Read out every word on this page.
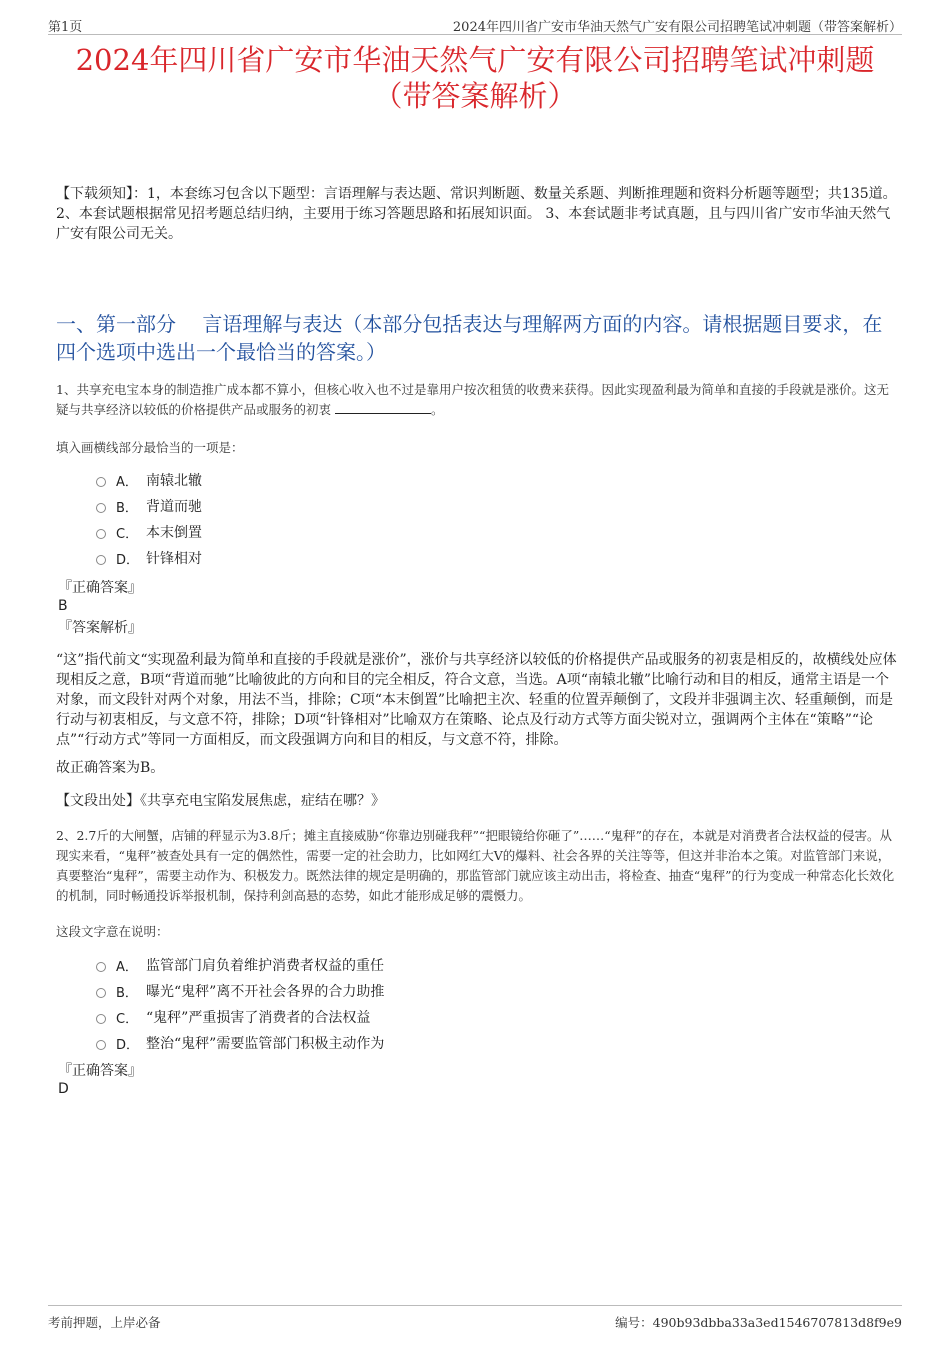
第1页	2024年四川省广安市华油天然气广安有限公司招聘笔试冲刺题（带答案解析）
2024年四川省广安市华油天然气广安有限公司招聘笔试冲刺题
（带答案解析）
【下载须知】：1，本套练习包含以下题型：言语理解与表达题、常识判断题、数量关系题、判断推理题和资料分析题等题型；共135道。 2、本套试题根据常见招考题总结归纳，主要用于练习答题思路和拓展知识面。 3、本套试题非考试真题，且与四川省广安市华油天然气广安有限公司无关。
一、第一部分　 言语理解与表达（本部分包括表达与理解两方面的内容。请根据题目要求，在四个选项中选出一个最恰当的答案。）
1、共享充电宝本身的制造推广成本都不算小，但核心收入也不过是靠用户按次租赁的收费来获得。因此实现盈利最为简单和直接的手段就是涨价。这无疑与共享经济以较低的价格提供产品或服务的初衷	。
填入画横线部分最恰当的一项是：
A． 南辕北辙
B． 背道而驰
C． 本末倒置
D． 针锋相对
『正确答案』
B
『答案解析』
“这”指代前文“实现盈利最为简单和直接的手段就是涨价”，涨价与共享经济以较低的价格提供产品或服务的初衷是相反的，故横线处应体现相反之意，B项“背道而驰”比喻彼此的方向和目的完全相反，符合文意，当选。A项“南辕北辙”比喻行动和目的相反，通常主语是一个对象，而文段针对两个对象，用法不当，排除；C项“本末倒置”比喻把主次、轻重的位置弄颠倒了，文段并非强调主次、轻重颠倒，而是行动与初衷相反，与文意不符，排除；D项“针锋相对”比喻双方在策略、论点及行动方式等方面尖锐对立，强调两个主体在“策略”“论点”“行动方式”等同一方面相反，而文段强调方向和目的相反，与文意不符，排除。
故正确答案为B。
【文段出处】《共享充电宝陷发展焦虑，症结在哪？》
2、2.7斤的大闸蟹，店铺的秤显示为3.8斤；摊主直接威胁“你靠边别碰我秤”“把眼镜给你砸了”……“鬼秤”的存在，本就是对消费者合法权益的侵害。从现实来看，“鬼秤”被查处具有一定的偶然性，需要一定的社会助力，比如网红大V的爆料、社会各界的关注等等，但这并非治本之策。对监管部门来说，真要整治“鬼秤”，需要主动作为、积极发力。既然法律的规定是明确的，那监管部门就应该主动出击，将检查、抽查“鬼秤”的行为变成一种常态化长效化的机制，同时畅通投诉举报机制，保持利剑高悬的态势，如此才能形成足够的震慑力。
这段文字意在说明：
A． 监管部门肩负着维护消费者权益的重任
B． 曝光“鬼秤”离不开社会各界的合力助推
C． “鬼秤”严重损害了消费者的合法权益
D． 整治“鬼秤”需要监管部门积极主动作为
『正确答案』
D
考前押题，上岸必备	编号：490b93dbba33a3ed1546707813d8f9e9
